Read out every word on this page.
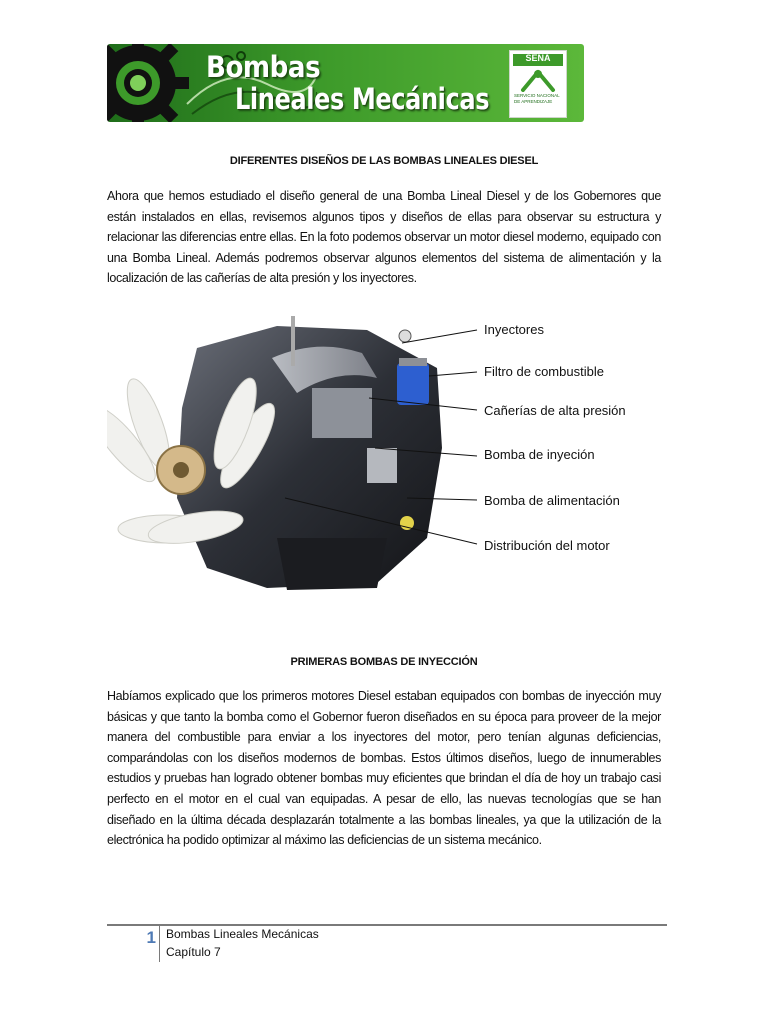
Bombas
Lineales Mecánicas
SENA
SERVICIO NACIONAL DE APRENDIZAJE
DIFERENTES DISEÑOS DE LAS BOMBAS LINEALES DIESEL

Ahora que hemos estudiado el diseño general de una Bomba Lineal Diesel y de los Gobernores que están instalados en ellas, revisemos algunos tipos y diseños de ellas para observar su estructura y relacionar las diferencias entre ellas. En la foto podemos observar un motor diesel moderno, equipado con una Bomba Lineal. Además podremos observar algunos elementos del sistema de alimentación y la localización de las cañerías de alta presión y los inyectores.

Inyectores
Filtro de combustible
Cañerías de alta presión
Bomba de inyeción
Bomba de alimentación
Distribución del motor
PRIMERAS BOMBAS DE INYECCIÓN

Habíamos explicado que los primeros motores Diesel estaban equipados con bombas de inyección muy básicas y que tanto la bomba como el Gobernor fueron diseñados en su época para proveer de la mejor manera del combustible para enviar a los inyectores del motor, pero tenían algunas deficiencias, comparándolas con los diseños modernos de bombas. Estos últimos diseños, luego de innumerables estudios y pruebas han logrado obtener bombas muy eficientes que brindan el día de hoy un trabajo casi perfecto en el motor en el cual van equipadas. A pesar de ello, las nuevas tecnologías que se han diseñado en la última década desplazarán totalmente a las bombas lineales, ya que la utilización de la electrónica ha podido optimizar al máximo las deficiencias de un sistema mecánico.

1 Bombas Lineales Mecánicas
Capítulo 7
